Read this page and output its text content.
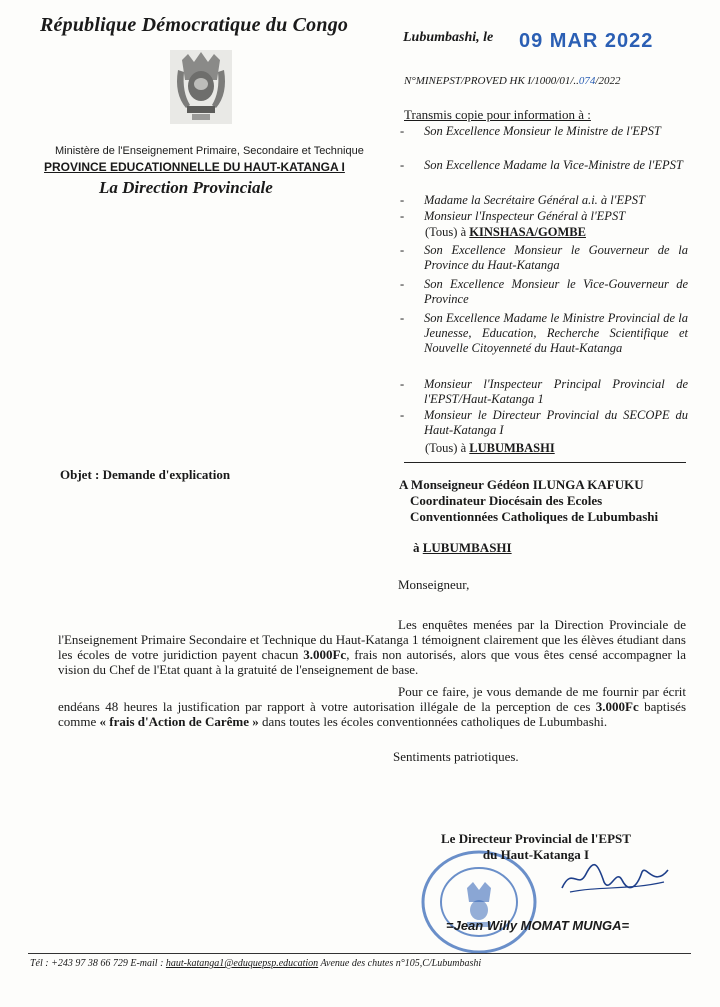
République Démocratique du Congo
Lubumbashi, le 09 MAR 2022
N°MINEPST/PROVED HK I/1000/01/..074/2022
Ministère de l'Enseignement Primaire, Secondaire et Technique
PROVINCE EDUCATIONNELLE DU HAUT-KATANGA I
La Direction Provinciale
Transmis copie pour information à :
- Son Excellence Monsieur le Ministre de l'EPST
- Son Excellence Madame la Vice-Ministre de l'EPST
- Madame la Secrétaire Général a.i. à l'EPST
- Monsieur l'Inspecteur Général à l'EPST
(Tous) à KINSHASA/GOMBE
- Son Excellence Monsieur le Gouverneur de la Province du Haut-Katanga
- Son Excellence Monsieur le Vice-Gouverneur de Province
- Son Excellence Madame le Ministre Provincial de la Jeunesse, Education, Recherche Scientifique et Nouvelle Citoyenneté du Haut-Katanga
- Monsieur l'Inspecteur Principal Provincial de l'EPST/Haut-Katanga 1
- Monsieur le Directeur Provincial du SECOPE du Haut-Katanga I
(Tous) à LUBUMBASHI
Objet : Demande d'explication
A Monseigneur Gédéon ILUNGA KAFUKU
Coordinateur Diocésain des Ecoles
Conventionnées Catholiques de Lubumbashi
à LUBUMBASHI
Monseigneur,
Les enquêtes menées par la Direction Provinciale de l'Enseignement Primaire Secondaire et Technique du Haut-Katanga 1 témoignent clairement que les élèves étudiant dans les écoles de votre juridiction payent chacun 3.000Fc, frais non autorisés, alors que vous êtes censé accompagner la vision du Chef de l'Etat quant à la gratuité de l'enseignement de base.
Pour ce faire, je vous demande de me fournir par écrit endéans 48 heures la justification par rapport à votre autorisation illégale de la perception de ces 3.000Fc baptisés comme « frais d'Action de Carême » dans toutes les écoles conventionnées catholiques de Lubumbashi.
Sentiments patriotiques.
Le Directeur Provincial de l'EPST
du Haut-Katanga I
=Jean Willy MOMAT MUNGA=
Tél : +243 97 38 66 729 E-mail : haut-katanga1@eduquepsp.education Avenue des chutes n°105,C/Lubumbashi
